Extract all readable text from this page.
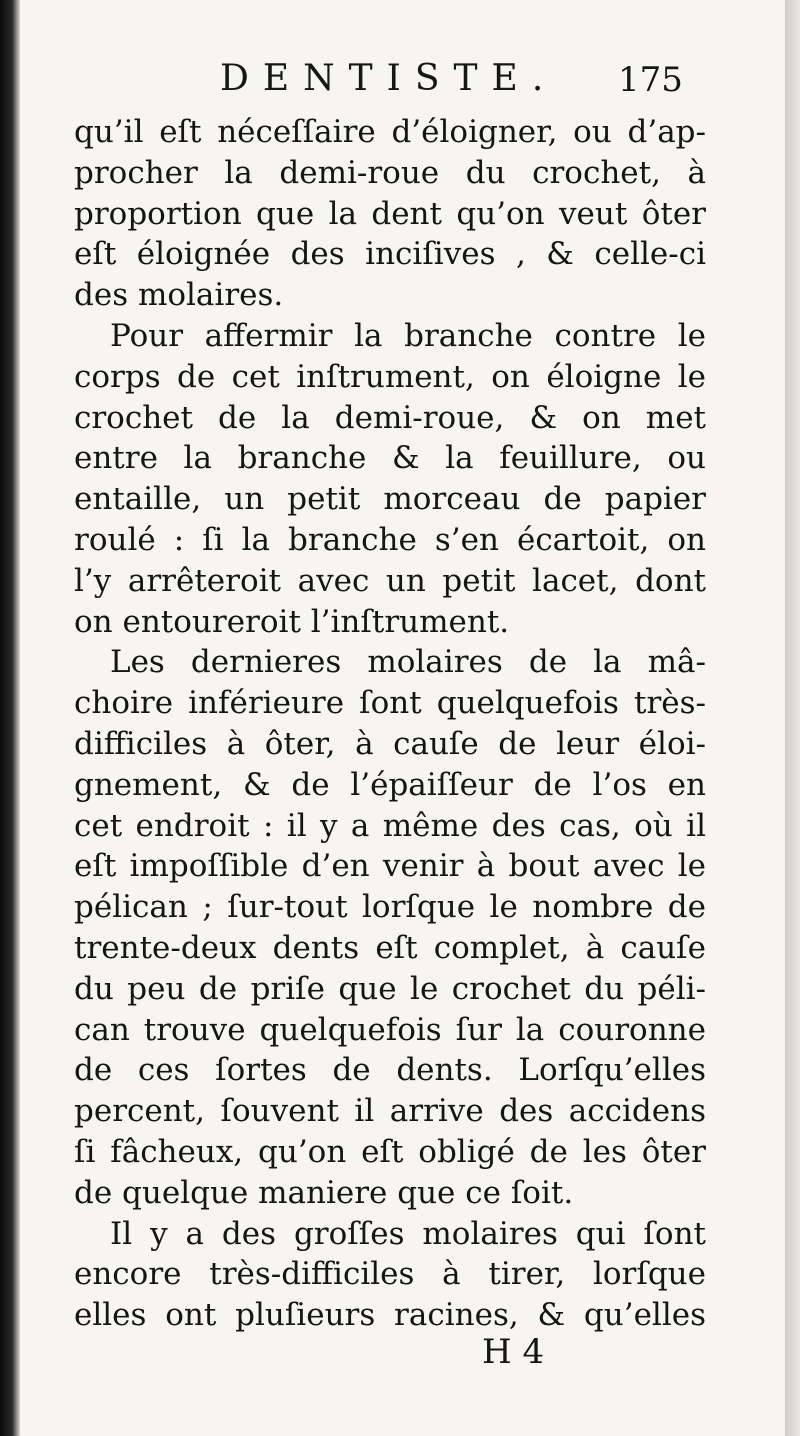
DENTISTE. 175
qu’il eſt néceſſaire d’éloigner, ou d’ap-
procher la demi-roue du crochet, à
proportion que la dent qu’on veut ôter
eſt éloignée des inciſives , & celle-ci
des molaires.
Pour affermir la branche contre le
corps de cet inſtrument, on éloigne le
crochet de la demi-roue, & on met
entre la branche & la feuillure, ou
entaille, un petit morceau de papier
roulé : ſi la branche s’en écartoit, on
l’y arrêteroit avec un petit lacet, dont
on entoureroit l’inſtrument.
Les dernieres molaires de la mâ-
choire inférieure ſont quelquefois très-
difficiles à ôter, à cauſe de leur éloi-
gnement, & de l’épaiſſeur de l’os en
cet endroit : il y a même des cas, où il
eſt impoſſible d’en venir à bout avec le
pélican ; ſur-tout lorſque le nombre de
trente-deux dents eſt complet, à cauſe
du peu de priſe que le crochet du péli-
can trouve quelquefois ſur la couronne
de ces ſortes de dents. Lorſqu’elles
percent, ſouvent il arrive des accidens
ſi fâcheux, qu’on eſt obligé de les ôter
de quelque maniere que ce ſoit.
Il y a des groſſes molaires qui ſont
encore très-difficiles à tirer, lorſque
elles ont pluſieurs racines, & qu’elles
H 4
